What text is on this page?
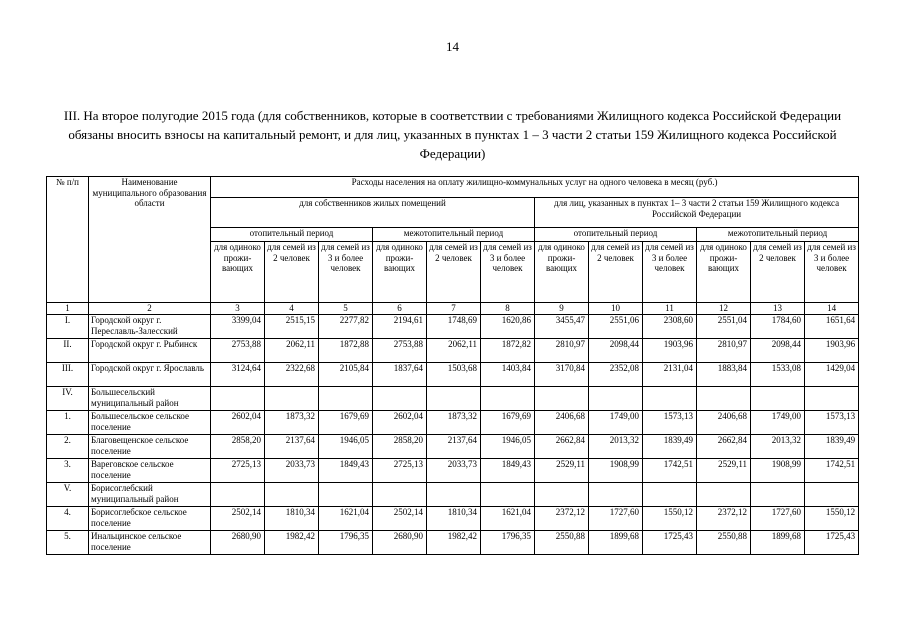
14
III. На второе полугодие 2015 года (для собственников, которые в соответствии с требованиями Жилищного кодекса Российской Федерации обязаны вносить взносы на капитальный ремонт, и для лиц, указанных в пунктах 1 – 3 части 2 статьи 159 Жилищного кодекса Российской Федерации)
№ п/п	Наименование муниципального образования области	Расходы населения на оплату жилищно-коммунальных услуг на одного человека в месяц (руб.)											
		для собственников жилых помещений						для лиц, указанных в пунктах 1– 3 части 2 статьи 159 Жилищного кодекса Российской Федерации					
		отопительный период			межотопительный период			отопительный период			межотопительный период		
		для одиноко прожи-вающих	для семей из 2 человек	для семей из 3 и более человек	для одиноко прожи-вающих	для семей из 2 человек	для семей из 3 и более человек	для одиноко прожи-вающих	для семей из 2 человек	для семей из 3 и более человек	для одиноко прожи-вающих	для семей из 2 человек	для семей из 3 и более человек
1	2	3	4	5	6	7	8	9	10	11	12	13	14
I.	Городской округ г. Переславль-Залесский	3399,04	2515,15	2277,82	2194,61	1748,69	1620,86	3455,47	2551,06	2308,60	2551,04	1784,60	1651,64
II.	Городской округ г. Рыбинск	2753,88	2062,11	1872,88	2753,88	2062,11	1872,82	2810,97	2098,44	1903,96	2810,97	2098,44	1903,96
III.	Городской округ г. Ярославль	3124,64	2322,68	2105,84	1837,64	1503,68	1403,84	3170,84	2352,08	2131,04	1883,84	1533,08	1429,04
IV.	Большесельский муниципальный район												
1.	Большесельское сельское поселение	2602,04	1873,32	1679,69	2602,04	1873,32	1679,69	2406,68	1749,00	1573,13	2406,68	1749,00	1573,13
2.	Благовещенское сельское поселение	2858,20	2137,64	1946,05	2858,20	2137,64	1946,05	2662,84	2013,32	1839,49	2662,84	2013,32	1839,49
3.	Вареговское сельское поселение	2725,13	2033,73	1849,43	2725,13	2033,73	1849,43	2529,11	1908,99	1742,51	2529,11	1908,99	1742,51
V.	Борисоглебский муниципальный район												
4.	Борисоглебское сельское поселение	2502,14	1810,34	1621,04	2502,14	1810,34	1621,04	2372,12	1727,60	1550,12	2372,12	1727,60	1550,12
5.	Инальцинское сельское поселение	2680,90	1982,42	1796,35	2680,90	1982,42	1796,35	2550,88	1899,68	1725,43	2550,88	1899,68	1725,43
